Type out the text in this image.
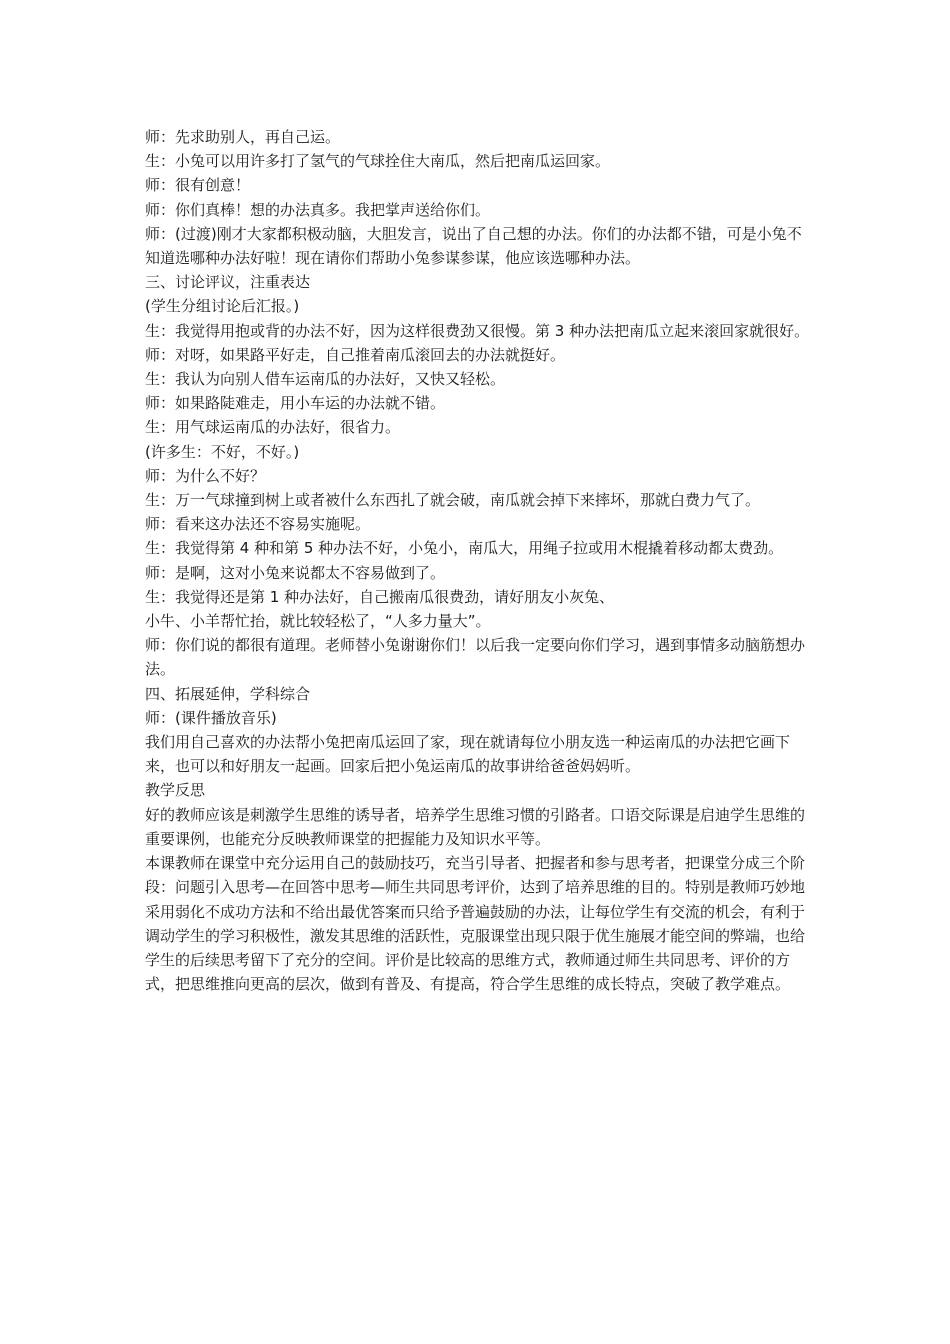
师：先求助别人，再自己运。

生：小兔可以用许多打了氢气的气球拴住大南瓜，然后把南瓜运回家。

师：很有创意！

师：你们真棒！想的办法真多。我把掌声送给你们。

师：(过渡)刚才大家都积极动脑，大胆发言，说出了自己想的办法。你们的办法都不错，可是小兔不知道选哪种办法好啦！现在请你们帮助小兔参谋参谋，他应该选哪种办法。

三、讨论评议，注重表达

(学生分组讨论后汇报。)

生：我觉得用抱或背的办法不好，因为这样很费劲又很慢。第 3 种办法把南瓜立起来滚回家就很好。

师：对呀，如果路平好走，自己推着南瓜滚回去的办法就挺好。

生：我认为向别人借车运南瓜的办法好，又快又轻松。

师：如果路陡难走，用小车运的办法就不错。

生：用气球运南瓜的办法好，很省力。

(许多生：不好，不好。)

师：为什么不好？

生：万一气球撞到树上或者被什么东西扎了就会破，南瓜就会掉下来摔坏，那就白费力气了。

师：看来这办法还不容易实施呢。

生：我觉得第 4 种和第 5 种办法不好，小兔小，南瓜大，用绳子拉或用木棍撬着移动都太费劲。

师：是啊，这对小兔来说都太不容易做到了。

生：我觉得还是第 1 种办法好，自己搬南瓜很费劲，请好朋友小灰兔、

小牛、小羊帮忙抬，就比较轻松了，“人多力量大”。

师：你们说的都很有道理。老师替小兔谢谢你们！以后我一定要向你们学习，遇到事情多动脑筋想办法。

四、拓展延伸，学科综合

师：(课件播放音乐)

我们用自己喜欢的办法帮小兔把南瓜运回了家，现在就请每位小朋友选一种运南瓜的办法把它画下来，也可以和好朋友一起画。回家后把小兔运南瓜的故事讲给爸爸妈妈听。

教学反思

好的教师应该是刺激学生思维的诱导者，培养学生思维习惯的引路者。口语交际课是启迪学生思维的重要课例，也能充分反映教师课堂的把握能力及知识水平等。

本课教师在课堂中充分运用自己的鼓励技巧，充当引导者、把握者和参与思考者，把课堂分成三个阶段：问题引入思考—在回答中思考—师生共同思考评价，达到了培养思维的目的。特别是教师巧妙地采用弱化不成功方法和不给出最优答案而只给予普遍鼓励的办法，让每位学生有交流的机会，有利于调动学生的学习积极性，激发其思维的活跃性，克服课堂出现只限于优生施展才能空间的弊端，也给学生的后续思考留下了充分的空间。评价是比较高的思维方式，教师通过师生共同思考、评价的方式，把思维推向更高的层次，做到有普及、有提高，符合学生思维的成长特点，突破了教学难点。
